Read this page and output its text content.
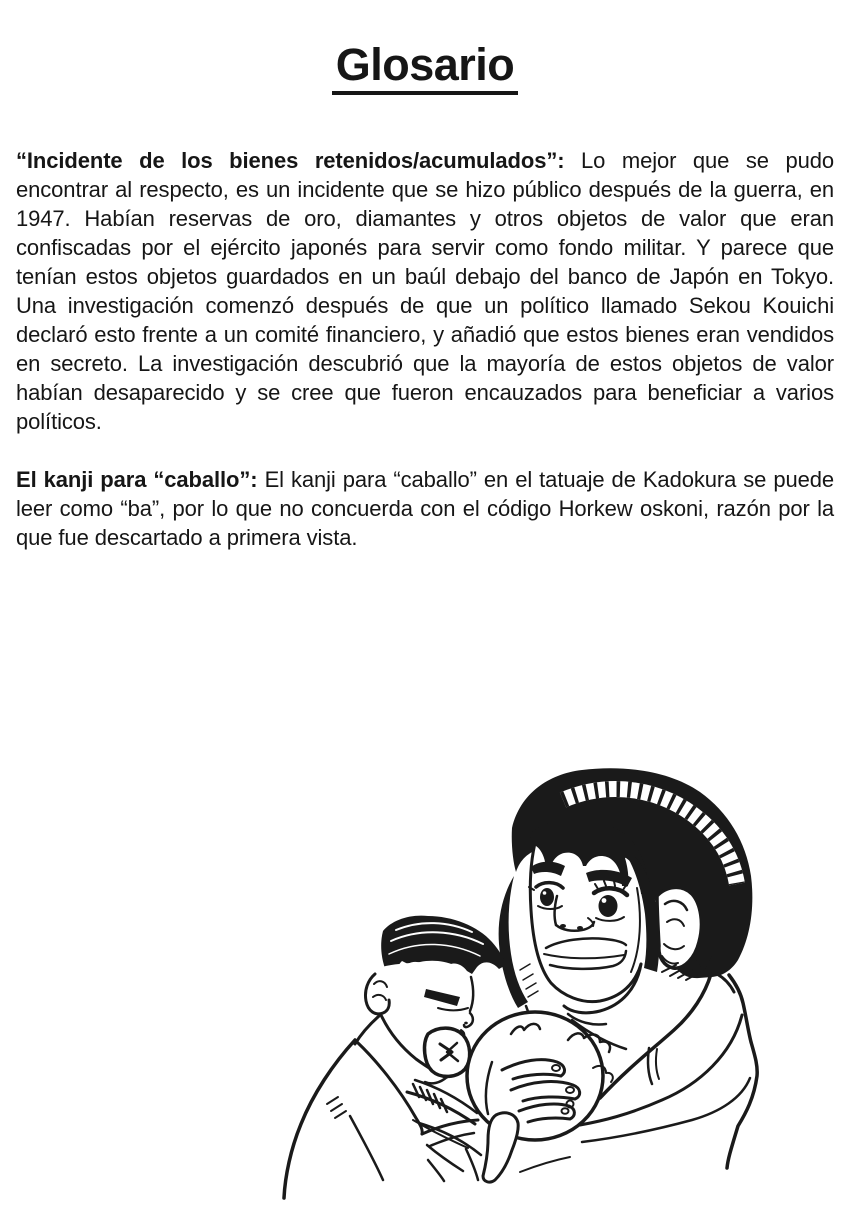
Glosario

“Incidente de los bienes retenidos/acumulados”: Lo mejor que se pudo encontrar al respecto, es un incidente que se hizo público después de la guerra, en 1947. Habían reservas de oro, diamantes y otros objetos de valor que eran confiscadas por el ejército japonés para servir como fondo militar. Y parece que tenían estos objetos guardados en un baúl debajo del banco de Japón en Tokyo. Una investigación comenzó después de que un político llamado Sekou Kouichi declaró esto frente a un comité financiero, y añadió que estos bienes eran vendidos en secreto. La investigación descubrió que la mayoría de estos objetos de valor habían desaparecido y se cree que fueron encauzados para beneficiar a varios políticos.

El kanji para “caballo”: El kanji para “caballo” en el tatuaje de Kadokura se puede leer como “ba”, por lo que no concuerda con el código Horkew oskoni, razón por la que fue descartado a primera vista.
